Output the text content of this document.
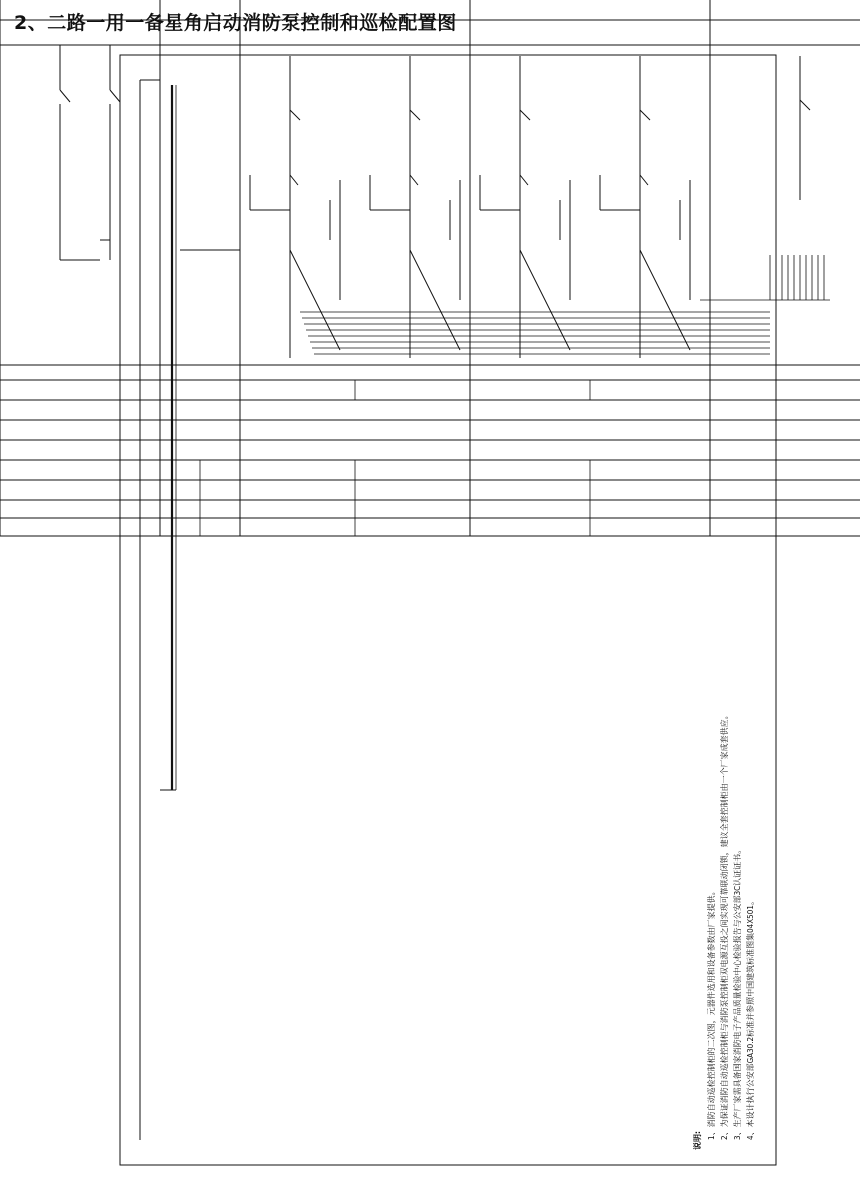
2、二路一用一备星角启动消防泵控制和巡检配置图
说明:
1、消防自动巡检控制柜的二次图，元器件选用和设备参数由厂家提供。 2、为保证消防自动巡检控制柜与消防泵控制柜双电源互投之间实现可靠联动闭锁，建议全套控制柜由一个厂家成套供应。 3、生产厂家需具备国家消防电子产品质量检验中心检验报告与公安部3C认证证书。 4、本设计执行公安部GA30.2标准并参照中国建筑标准图集04X501。
